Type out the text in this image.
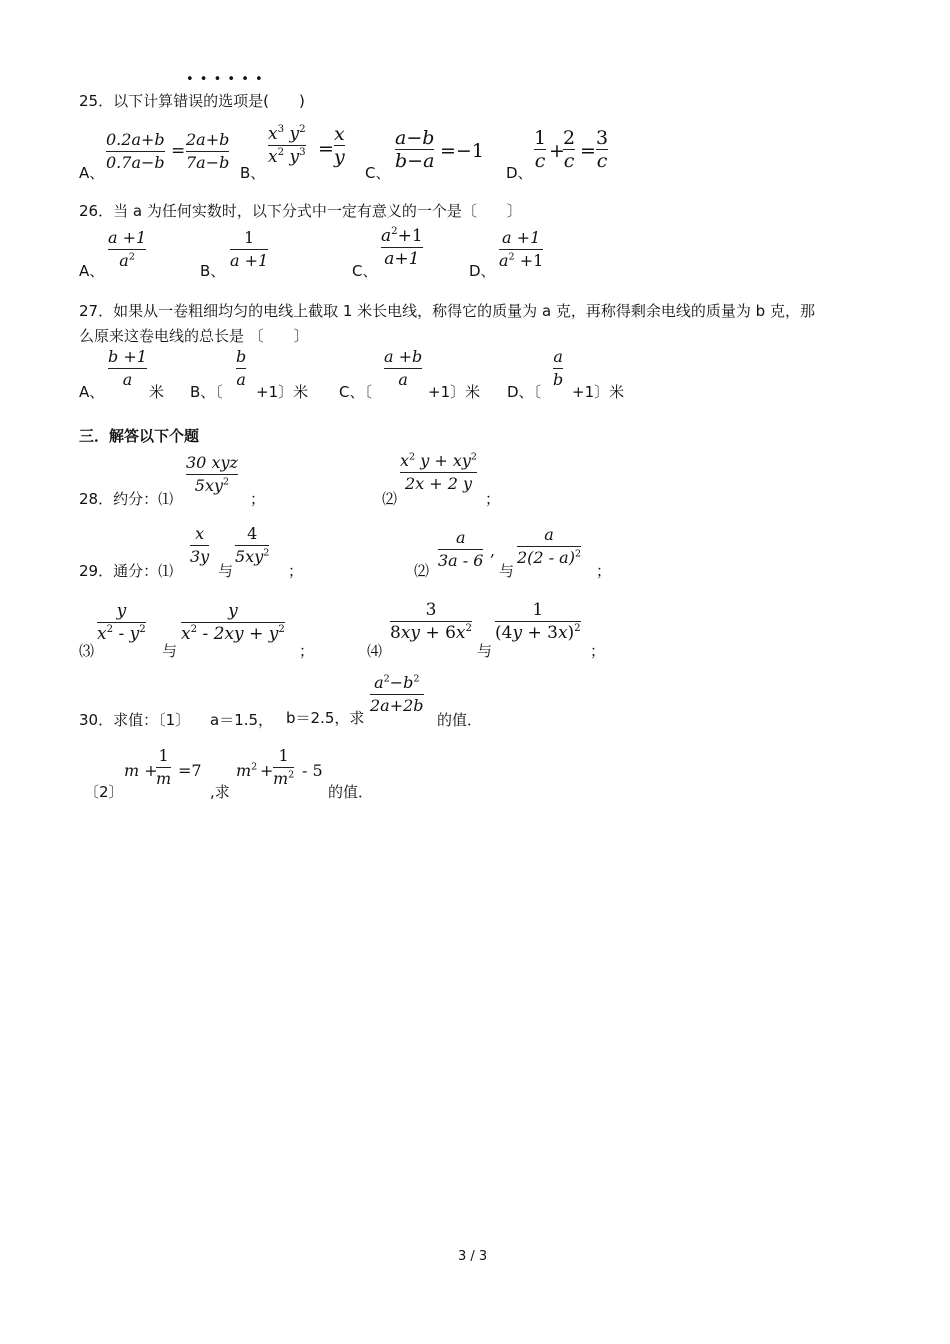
• • • • • •
25．以下计算错误的选项是(　　)
A、
0.2a+b
0.7a−b
=
2a+b
7a−b
B、
$x^3$ $y^2$
$x^2$ $y^3$ =
x
y
C、
a−b
b−a =−1
D、
1
c +
2
c =
3
c
26．当 a 为任何实数时，以下分式中一定有意义的一个是〔　　〕
A、
a +1
$a^2$
B、
1
a +1
C、
$a^2+1$
a+1
D、
a +1
$a^2 +1$
27．如果从一卷粗细均匀的电线上截取 1 米长电线，称得它的质量为 a 克，再称得剩余电线的质量为 b 克，那
么原来这卷电线的总长是 〔　　〕
A、
b +1
a
米 B、〔
b
a
+1〕米 C、〔
a +b
a
+1〕米 D、〔
a
b
+1〕米
三．解答以下个题
28．约分：⑴
30 xyz
$5xy^2$
；	⑵
$x^2$ $y + xy^2$
2x + 2 y
；
29．通分：⑴
x
3y
与
4
$5xy^2$
；	⑵
a
3a - 6
,
与
a
2(2 - a)$^2$
；
⑶
y
$x^2 - y^2$
与
y
$x^2 - 2xy + y^2$
；	⑷
3
$8xy + 6x^2$
与
1
$(4y + 3x)^2$
；
30．求值：〔1〕 a＝1.5， b＝2.5，求
$a^2-b^2$
2a+2b
的值．
〔2〕
m +
1
m =7
,求
$m^2$ +
1
$m^2 - 5$
的值．
3 / 3
